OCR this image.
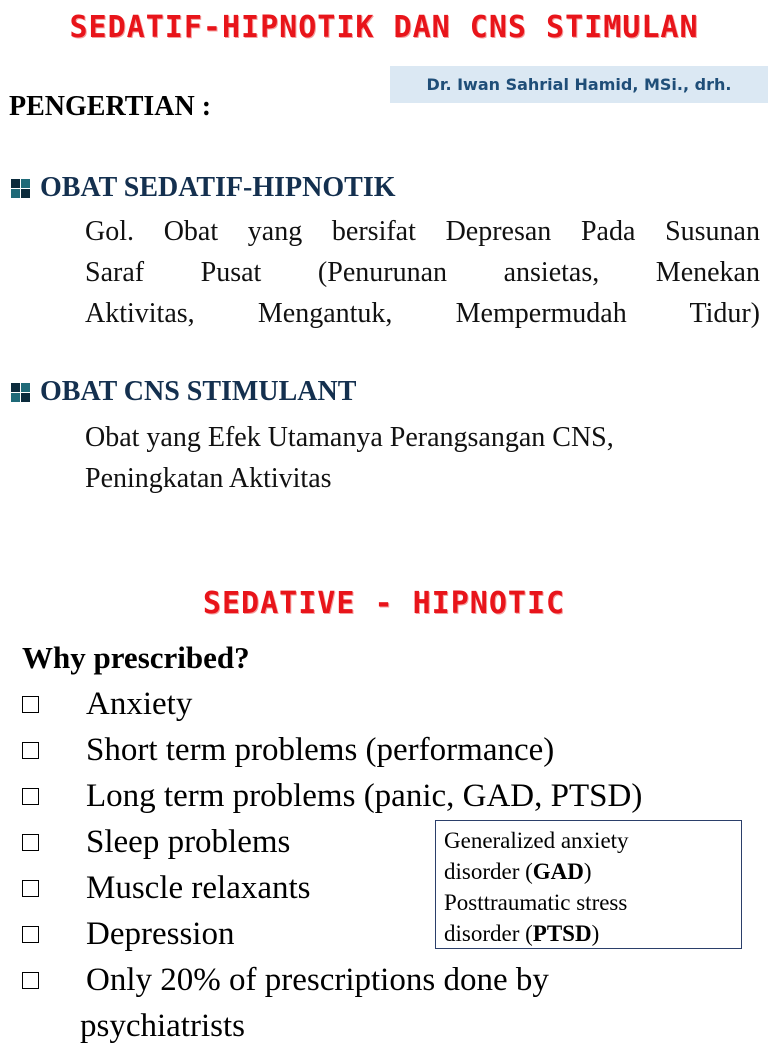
SEDATIF-HIPNOTIK DAN CNS STIMULAN
Dr. Iwan Sahrial Hamid, MSi., drh.
PENGERTIAN :
OBAT SEDATIF-HIPNOTIK
Gol. Obat yang bersifat Depresan Pada Susunan
Saraf Pusat (Penurunan ansietas, Menekan
Aktivitas, Mengantuk, Mempermudah Tidur)
OBAT CNS STIMULANT
Obat yang Efek Utamanya Perangsangan CNS,
Peningkatan Aktivitas
SEDATIVE - HIPNOTIC
Why prescribed?
Anxiety
Short term problems (performance)
Long term problems (panic, GAD, PTSD)
Sleep problems
Muscle relaxants
Depression
Only 20% of prescriptions done by
psychiatrists
Generalized anxiety
disorder (GAD)
Posttraumatic stress
disorder (PTSD)
